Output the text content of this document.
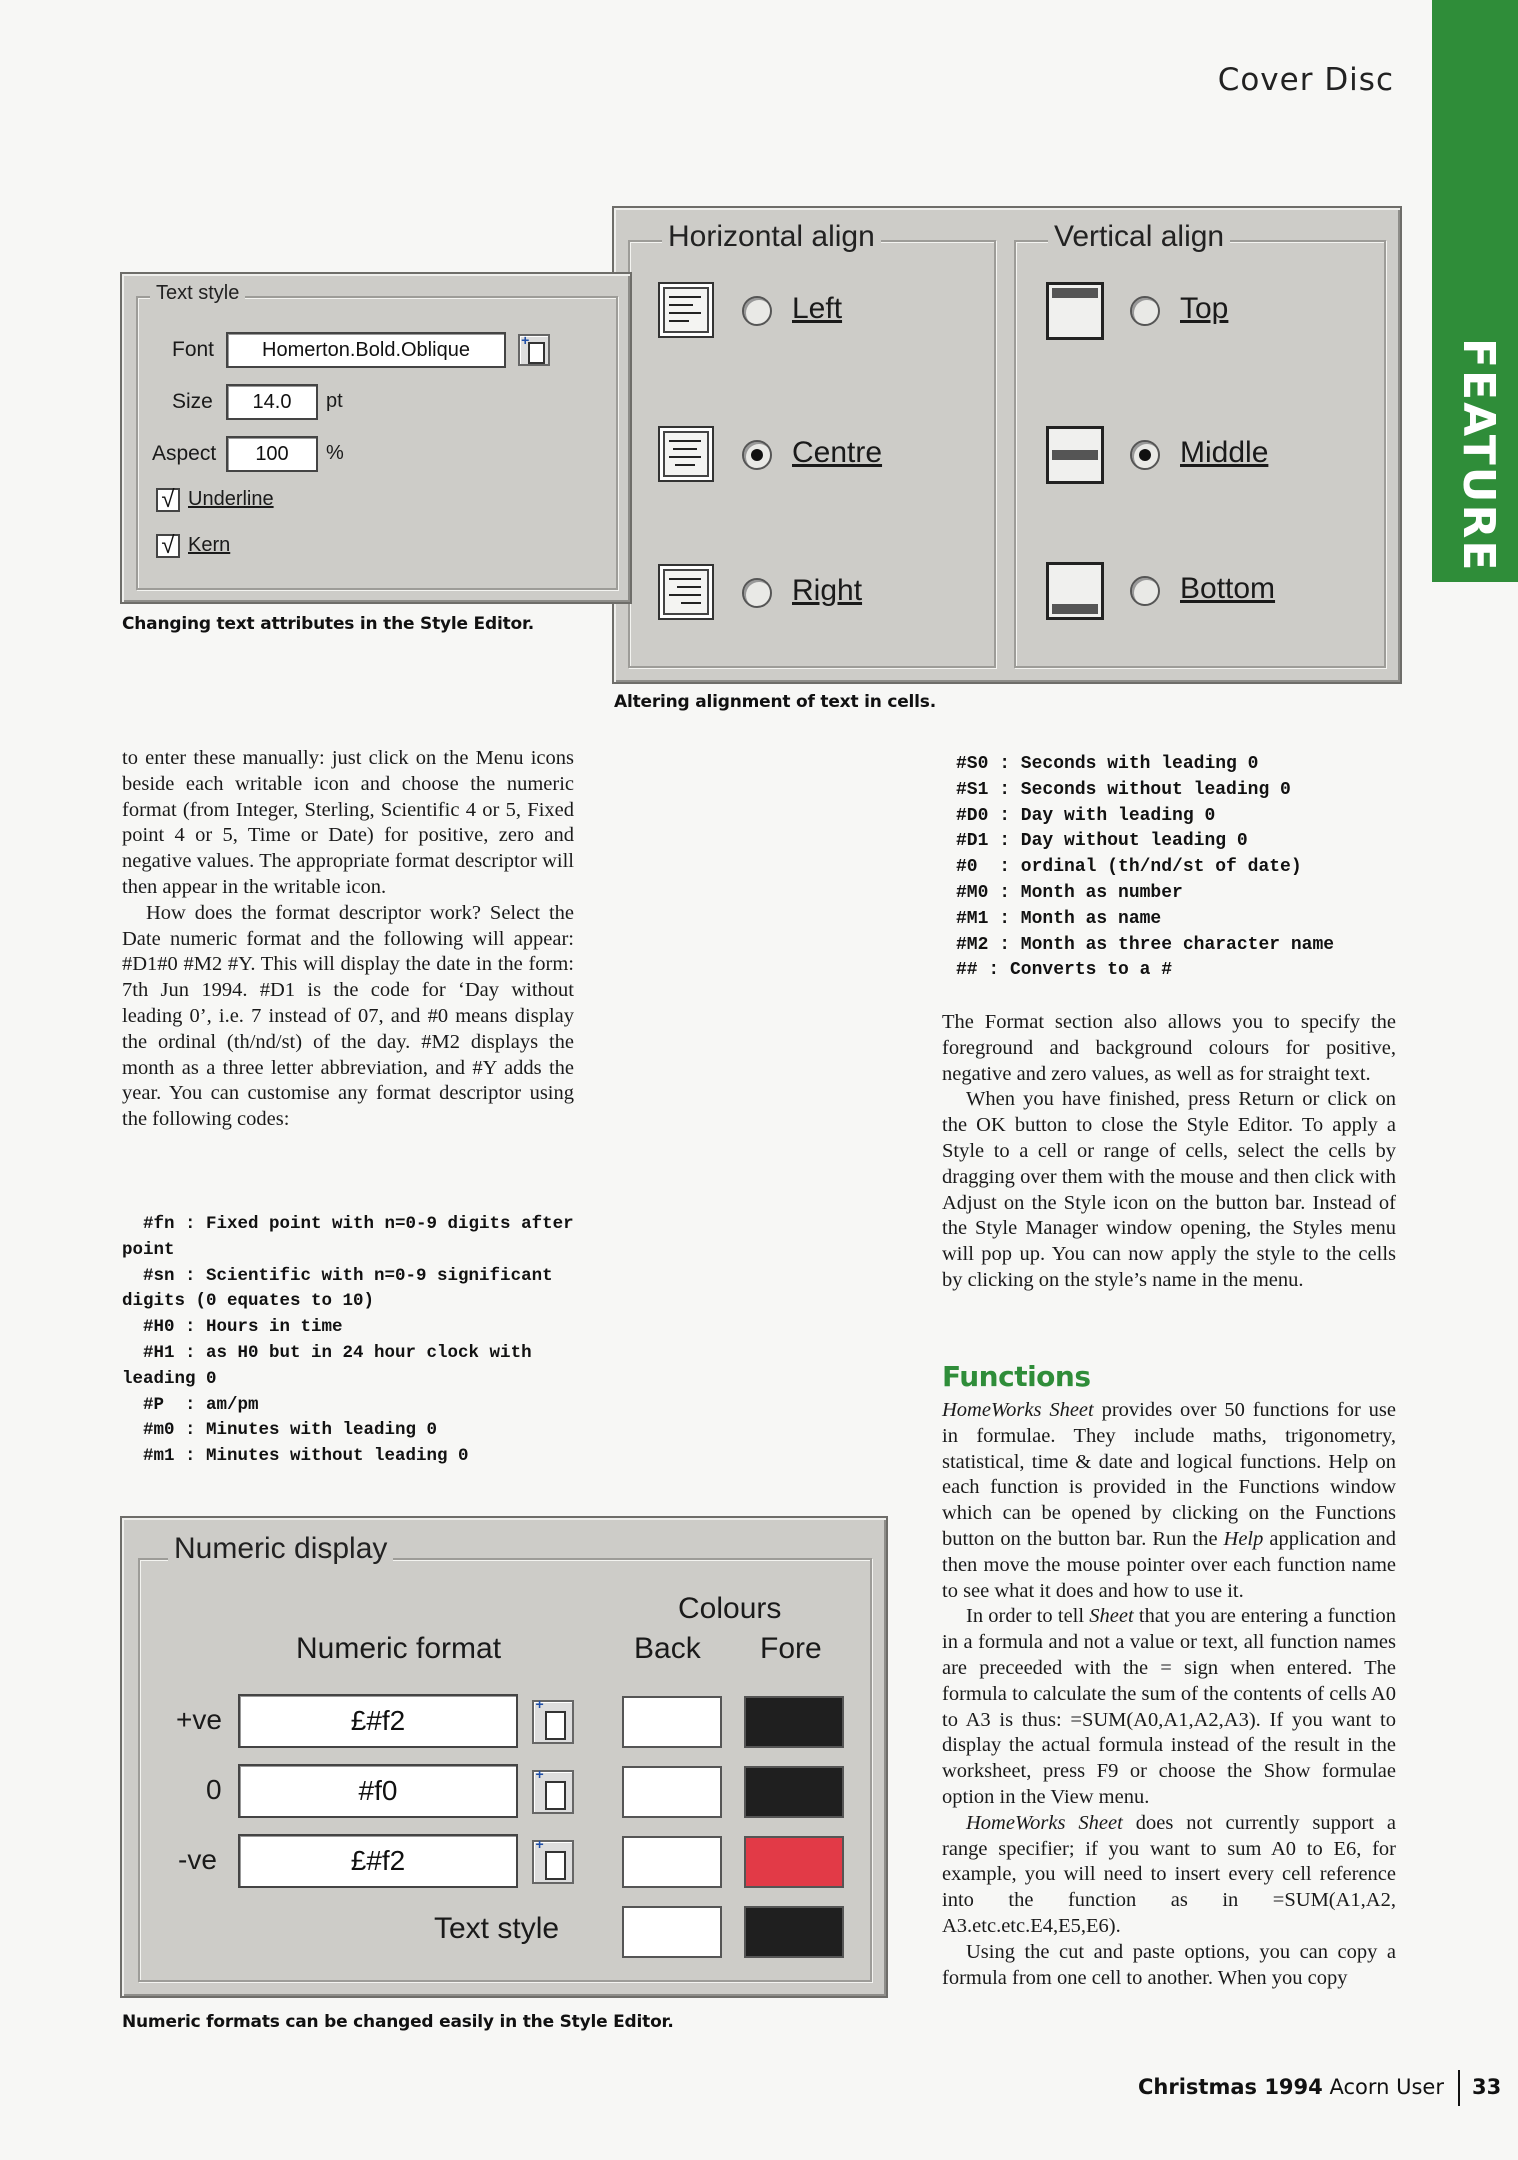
Cover Disc
FEATURE
Horizontal align	Vertical align
Left
Centre
Right
Top
Middle
Bottom
Altering alignment of text in cells.
Text style
Font	Homerton.Bold.Oblique
+
Size	14.0	pt
Aspect	100	%
√ Underline
√ Kern
Changing text attributes in the Style Editor.

to enter these manually: just click on the Menu icons beside each writable icon and choose the numeric format (from Integer, Sterling, Scientific 4 or 5, Fixed point 4 or 5, Time or Date) for positive, zero and negative values. The appropriate format descriptor will then appear in the writable icon.

How does the format descriptor work? Select the Date numeric format and the following will appear: #D1#0 #M2 #Y. This will display the date in the form: 7th Jun 1994. #D1 is the code for ‘Day without leading 0’, i.e. 7 instead of 07, and #0 means display the ordinal (th/nd/st) of the day. #M2 displays the month as a three letter abbreviation, and #Y adds the year. You can customise any format descriptor using the following codes:

#fn : Fixed point with n=0-9 digits after
point
#sn : Scientific with n=0-9 significant
digits (0 equates to 10)
#H0 : Hours in time
#H1 : as H0 but in 24 hour clock with
leading 0
#P  : am/pm
#m0 : Minutes with leading 0
#m1 : Minutes without leading 0
Numeric display
Colours
Numeric format	Back Fore
+ve	£#f2
+
0	#f0
+
-ve	£#f2
+
Text style
Numeric formats can be changed easily in the Style Editor.
#S0 : Seconds with leading 0
#S1 : Seconds without leading 0
#D0 : Day with leading 0
#D1 : Day without leading 0
#0  : ordinal (th/nd/st of date)
#M0 : Month as number
#M1 : Month as name
#M2 : Month as three character name
## : Converts to a #

The Format section also allows you to specify the foreground and background colours for positive, negative and zero values, as well as for straight text.

When you have finished, press Return or click on the OK button to close the Style Editor. To apply a Style to a cell or range of cells, select the cells by dragging over them with the mouse and then click with Adjust on the Style icon on the button bar. Instead of the Style Manager window opening, the Styles menu will pop up. You can now apply the style to the cells by clicking on the style’s name in the menu.

Functions

HomeWorks Sheet provides over 50 functions for use in formulae. They include maths, trigonometry, statistical, time & date and logical functions. Help on each function is provided in the Functions window which can be opened by clicking on the Functions button on the button bar. Run the Help application and then move the mouse pointer over each function name to see what it does and how to use it.

In order to tell Sheet that you are entering a function in a formula and not a value or text, all function names are preceeded with the = sign when entered. The formula to calculate the sum of the contents of cells A0 to A3 is thus: =SUM(A0,A1,A2,A3). If you want to display the actual formula instead of the result in the worksheet, press F9 or choose the Show formulae option in the View menu.

HomeWorks Sheet does not currently support a range specifier; if you want to sum A0 to E6, for example, you will need to insert every cell reference into the function as in =SUM(A1,A2, A3.etc.etc.E4,E5,E6).

Using the cut and paste options, you can copy a formula from one cell to another. When you copy

Christmas 1994 Acorn User 33
